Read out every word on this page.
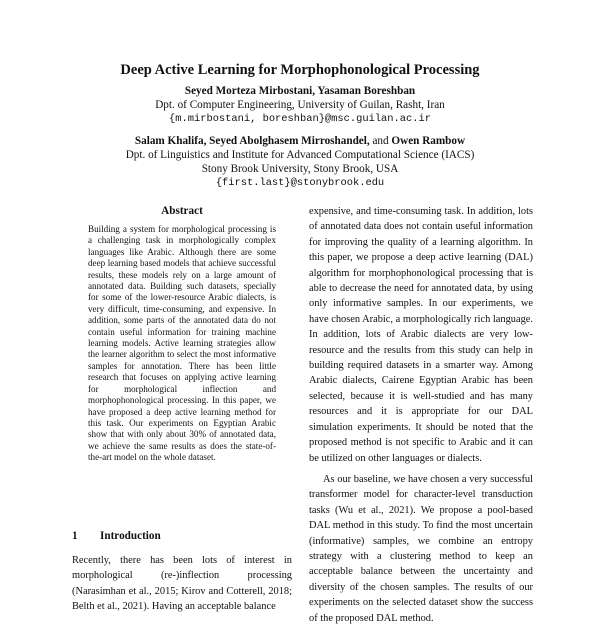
Deep Active Learning for Morphophonological Processing
Seyed Morteza Mirbostani, Yasaman Boreshban
Dpt. of Computer Engineering, University of Guilan, Rasht, Iran
{m.mirbostani, boreshban}@msc.guilan.ac.ir
Salam Khalifa, Seyed Abolghasem Mirroshandel, and Owen Rambow
Dpt. of Linguistics and Institute for Advanced Computational Science (IACS)
Stony Brook University, Stony Brook, USA
{first.last}@stonybrook.edu
Abstract

Building a system for morphological processing is a challenging task in morphologically complex languages like Arabic. Although there are some deep learning based models that achieve successful results, these models rely on a large amount of annotated data. Building such datasets, specially for some of the lower-resource Arabic dialects, is very difficult, time-consuming, and expensive. In addition, some parts of the annotated data do not contain useful information for training machine learning models. Active learning strategies allow the learner algorithm to select the most informative samples for annotation. There has been little research that focuses on applying active learning for morphological inflection and morphophonological processing. In this paper, we have proposed a deep active learning method for this task. Our experiments on Egyptian Arabic show that with only about 30% of annotated data, we achieve the same results as does the state-of-the-art model on the whole dataset.

1 Introduction

Recently, there has been lots of interest in morphological (re-)inflection processing (Narasimhan et al., 2015; Kirov and Cotterell, 2018; Belth et al., 2021). Having an acceptable balance

expensive, and time-consuming task. In addition, lots of annotated data does not contain useful information for improving the quality of a learning algorithm. In this paper, we propose a deep active learning (DAL) algorithm for morphophonological processing that is able to decrease the need for annotated data, by using only informative samples. In our experiments, we have chosen Arabic, a morphologically rich language. In addition, lots of Arabic dialects are very low-resource and the results from this study can help in building required datasets in a smarter way. Among Arabic dialects, Cairene Egyptian Arabic has been selected, because it is well-studied and has many resources and it is appropriate for our DAL simulation experiments. It should be noted that the proposed method is not specific to Arabic and it can be utilized on other languages or dialects.

As our baseline, we have chosen a very successful transformer model for character-level transduction tasks (Wu et al., 2021). We propose a pool-based DAL method in this study. To find the most uncertain (informative) samples, we combine an entropy strategy with a clustering method to keep an acceptable balance between the uncertainty and diversity of the chosen samples. The results of our experiments on the selected dataset show the success of the proposed DAL method.
